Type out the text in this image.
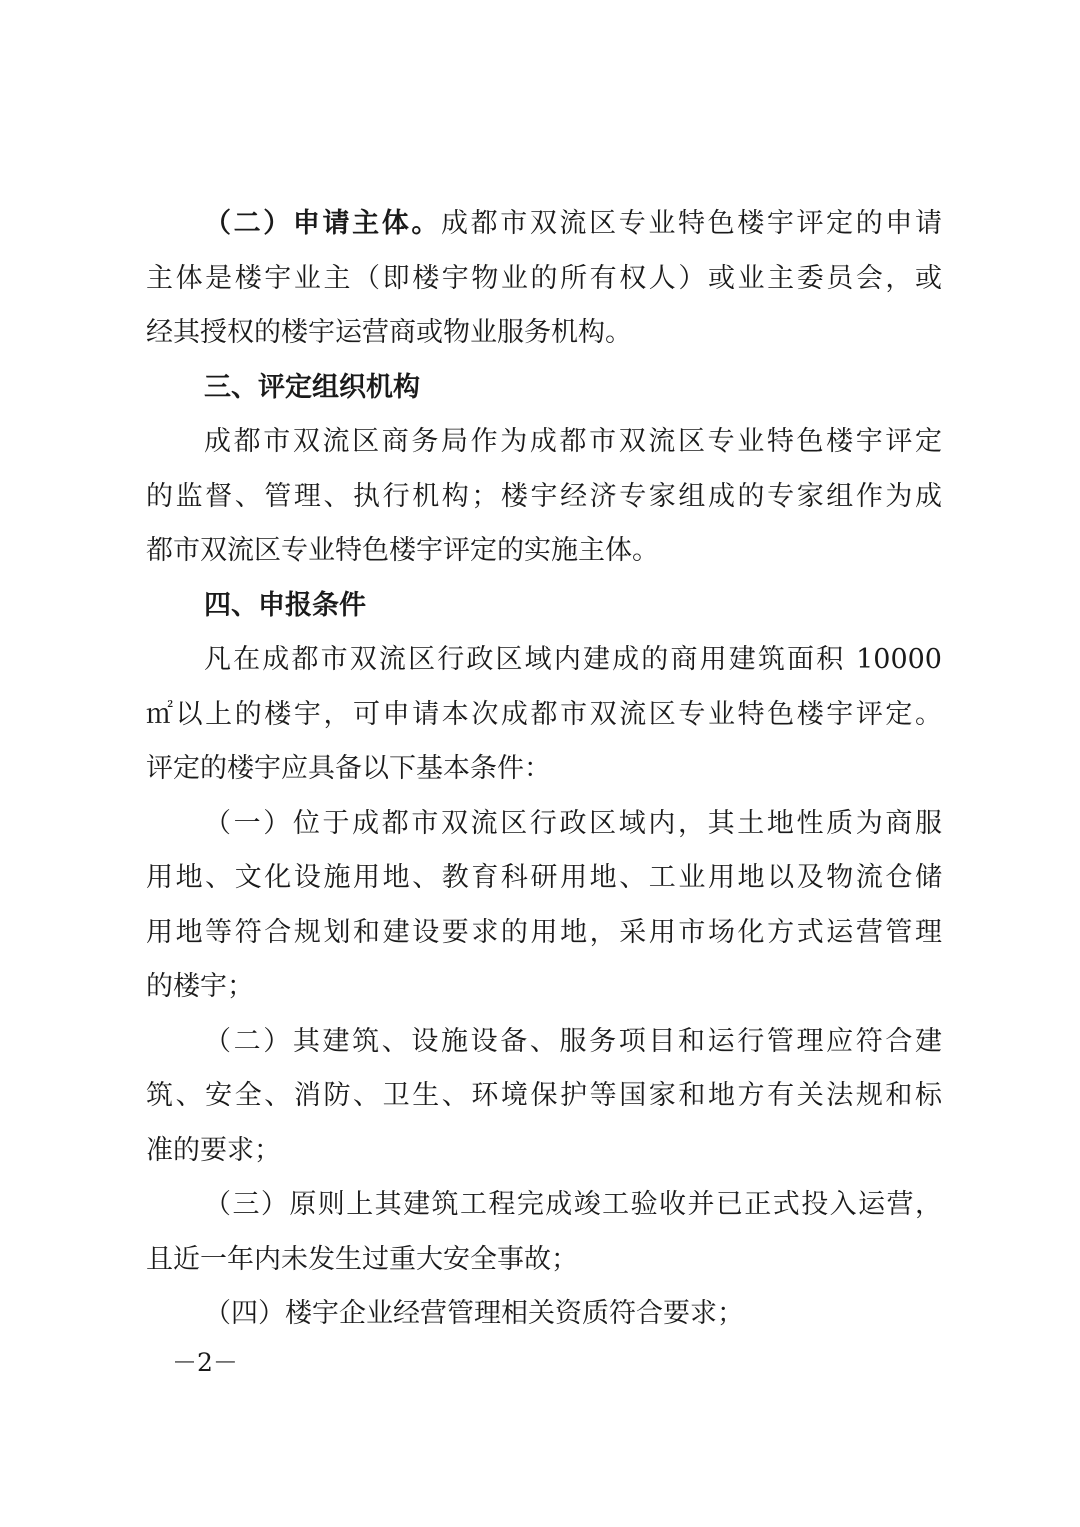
（二）申请主体。成都市双流区专业特色楼宇评定的申请
主体是楼宇业主（即楼宇物业的所有权人）或业主委员会，或
经其授权的楼宇运营商或物业服务机构。
三、评定组织机构
成都市双流区商务局作为成都市双流区专业特色楼宇评定
的监督、管理、执行机构；楼宇经济专家组成的专家组作为成
都市双流区专业特色楼宇评定的实施主体。
四、申报条件
凡在成都市双流区行政区域内建成的商用建筑面积 10000
㎡以上的楼宇，可申请本次成都市双流区专业特色楼宇评定。
评定的楼宇应具备以下基本条件：
（一）位于成都市双流区行政区域内，其土地性质为商服
用地、文化设施用地、教育科研用地、工业用地以及物流仓储
用地等符合规划和建设要求的用地，采用市场化方式运营管理
的楼宇；
（二）其建筑、设施设备、服务项目和运行管理应符合建
筑、安全、消防、卫生、环境保护等国家和地方有关法规和标
准的要求；
（三）原则上其建筑工程完成竣工验收并已正式投入运营，
且近一年内未发生过重大安全事故；
（四）楼宇企业经营管理相关资质符合要求；
－2－
